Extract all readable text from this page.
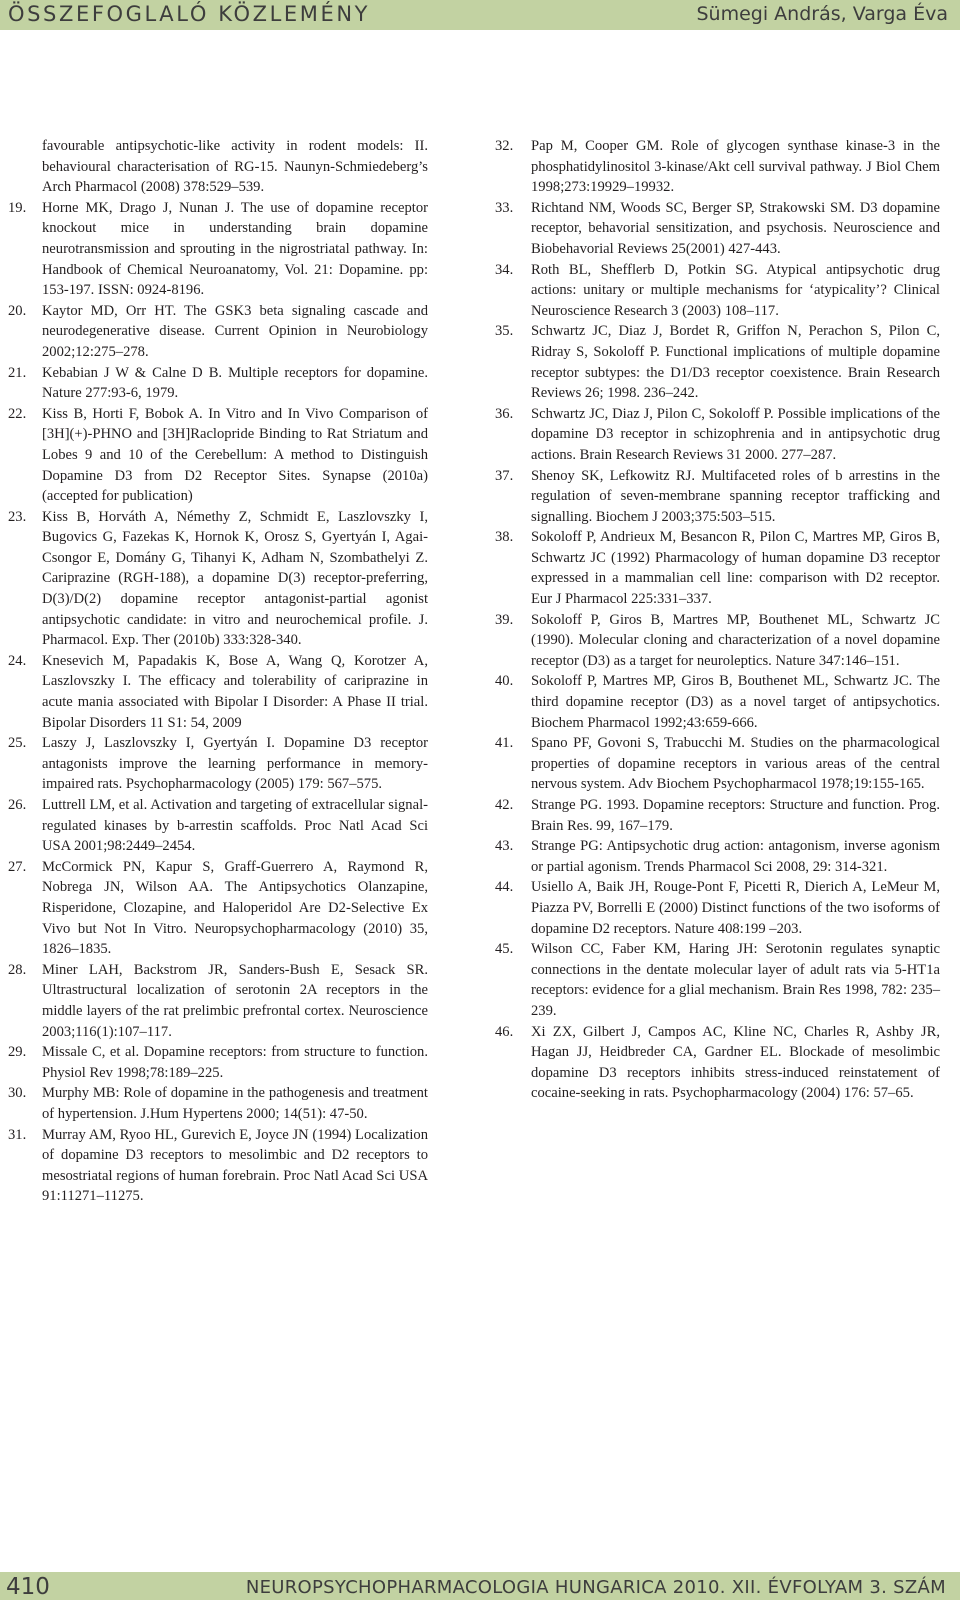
ÖSSZEFOGLALÓ KÖZLEMÉNY	Sümegi András, Varga Éva
favourable antipsychotic-like activity in rodent models: II. behavioural characterisation of RG-15. Naunyn-Schmiedeberg’s Arch Pharmacol (2008) 378:529–539.
19.	Horne MK, Drago J, Nunan J. The use of dopamine receptor knockout mice in understanding brain dopamine neurotransmission and sprouting in the nigrostriatal pathway. In: Handbook of Chemical Neuroanatomy, Vol. 21: Dopamine. pp: 153-197. ISSN: 0924-8196.
20.	Kaytor MD, Orr HT. The GSK3 beta signaling cascade and neurodegenerative disease. Current Opinion in Neurobiology 2002;12:275–278.
21.	Kebabian J W & Calne D B. Multiple receptors for dopamine. Nature 277:93-6, 1979.
22.	Kiss B, Horti F, Bobok A. In Vitro and In Vivo Comparison of [3H](+)-PHNO and [3H]Raclopride Binding to Rat Striatum and Lobes 9 and 10 of the Cerebellum: A method to Distinguish Dopamine D3 from D2 Receptor Sites. Synapse (2010a) (accepted for publication)
23.	Kiss B, Horváth A, Némethy Z, Schmidt E, Laszlovszky I, Bugovics G, Fazekas K, Hornok K, Orosz S, Gyertyán I, Agai-Csongor E, Domány G, Tihanyi K, Adham N, Szombathelyi Z. Cariprazine (RGH-188), a dopamine D(3) receptor-preferring, D(3)/D(2) dopamine receptor antagonist-partial agonist antipsychotic candidate: in vitro and neurochemical profile. J. Pharmacol. Exp. Ther (2010b) 333:328-340.
24.	Knesevich M, Papadakis K, Bose A, Wang Q, Korotzer A, Laszlovszky I. The efficacy and tolerability of cariprazine in acute mania associated with Bipolar I Disorder: A Phase II trial. Bipolar Disorders 11 S1: 54, 2009
25.	Laszy J, Laszlovszky I, Gyertyán I. Dopamine D3 receptor antagonists improve the learning performance in memory-impaired rats. Psychopharmacology (2005) 179: 567–575.
26.	Luttrell LM, et al. Activation and targeting of extracellular signal-regulated kinases by b-arrestin scaffolds. Proc Natl Acad Sci USA 2001;98:2449–2454.
27.	McCormick PN, Kapur S, Graff-Guerrero A, Raymond R, Nobrega JN, Wilson AA. The Antipsychotics Olanzapine, Risperidone, Clozapine, and Haloperidol Are D2-Selective Ex Vivo but Not In Vitro. Neuropsychopharmacology (2010) 35, 1826–1835.
28.	Miner LAH, Backstrom JR, Sanders-Bush E, Sesack SR. Ultrastructural localization of serotonin 2A receptors in the middle layers of the rat prelimbic prefrontal cortex. Neuroscience 2003;116(1):107–117.
29.	Missale C, et al. Dopamine receptors: from structure to function. Physiol Rev 1998;78:189–225.
30.	Murphy MB: Role of dopamine in the pathogenesis and treatment of hypertension. J.Hum Hypertens 2000; 14(51): 47-50.
31.	Murray AM, Ryoo HL, Gurevich E, Joyce JN (1994) Localization of dopamine D3 receptors to mesolimbic and D2 receptors to mesostriatal regions of human forebrain. Proc Natl Acad Sci USA 91:11271–11275.
32.	Pap M, Cooper GM. Role of glycogen synthase kinase-3 in the phosphatidylinositol 3-kinase/Akt cell survival pathway. J Biol Chem 1998;273:19929–19932.
33.	Richtand NM, Woods SC, Berger SP, Strakowski SM. D3 dopamine receptor, behavorial sensitization, and psychosis. Neuroscience and Biobehavorial Reviews 25(2001) 427-443.
34.	Roth BL, Shefflerb D, Potkin SG. Atypical antipsychotic drug actions: unitary or multiple mechanisms for ‘atypicality’? Clinical Neuroscience Research 3 (2003) 108–117.
35.	Schwartz JC, Diaz J, Bordet R, Griffon N, Perachon S, Pilon C, Ridray S, Sokoloff P. Functional implications of multiple dopamine receptor subtypes: the D1/D3 receptor coexistence. Brain Research Reviews 26; 1998. 236–242.
36.	Schwartz JC, Diaz J, Pilon C, Sokoloff P. Possible implications of the dopamine D3 receptor in schizophrenia and in antipsychotic drug actions. Brain Research Reviews 31 2000. 277–287.
37.	Shenoy SK, Lefkowitz RJ. Multifaceted roles of b arrestins in the regulation of seven-membrane spanning receptor trafficking and signalling. Biochem J 2003;375:503–515.
38.	Sokoloff P, Andrieux M, Besancon R, Pilon C, Martres MP, Giros B, Schwartz JC (1992) Pharmacology of human dopamine D3 receptor expressed in a mammalian cell line: comparison with D2 receptor. Eur J Pharmacol 225:331–337.
39.	Sokoloff P, Giros B, Martres MP, Bouthenet ML, Schwartz JC (1990). Molecular cloning and characterization of a novel dopamine receptor (D3) as a target for neuroleptics. Nature 347:146–151.
40.	Sokoloff P, Martres MP, Giros B, Bouthenet ML, Schwartz JC. The third dopamine receptor (D3) as a novel target of antipsychotics. Biochem Pharmacol 1992;43:659-666.
41.	Spano PF, Govoni S, Trabucchi M. Studies on the pharmacological properties of dopamine receptors in various areas of the central nervous system. Adv Biochem Psychopharmacol 1978;19:155-165.
42.	Strange PG. 1993. Dopamine receptors: Structure and function. Prog. Brain Res. 99, 167–179.
43.	Strange PG: Antipsychotic drug action: antagonism, inverse agonism or partial agonism. Trends Pharmacol Sci 2008, 29: 314-321.
44.	Usiello A, Baik JH, Rouge-Pont F, Picetti R, Dierich A, LeMeur M, Piazza PV, Borrelli E (2000) Distinct functions of the two isoforms of dopamine D2 receptors. Nature 408:199 –203.
45.	Wilson CC, Faber KM, Haring JH: Serotonin regulates synaptic connections in the dentate molecular layer of adult rats via 5-HT1a receptors: evidence for a glial mechanism. Brain Res 1998, 782: 235–239.
46.	Xi ZX, Gilbert J, Campos AC, Kline NC, Charles R, Ashby JR, Hagan JJ, Heidbreder CA, Gardner EL. Blockade of mesolimbic dopamine D3 receptors inhibits stress-induced reinstatement of cocaine-seeking in rats. Psychopharmacology (2004) 176: 57–65.
410	NEUROPSYCHOPHARMACOLOGIA HUNGARICA 2010. XII. ÉVFOLYAM 3. SZÁM
